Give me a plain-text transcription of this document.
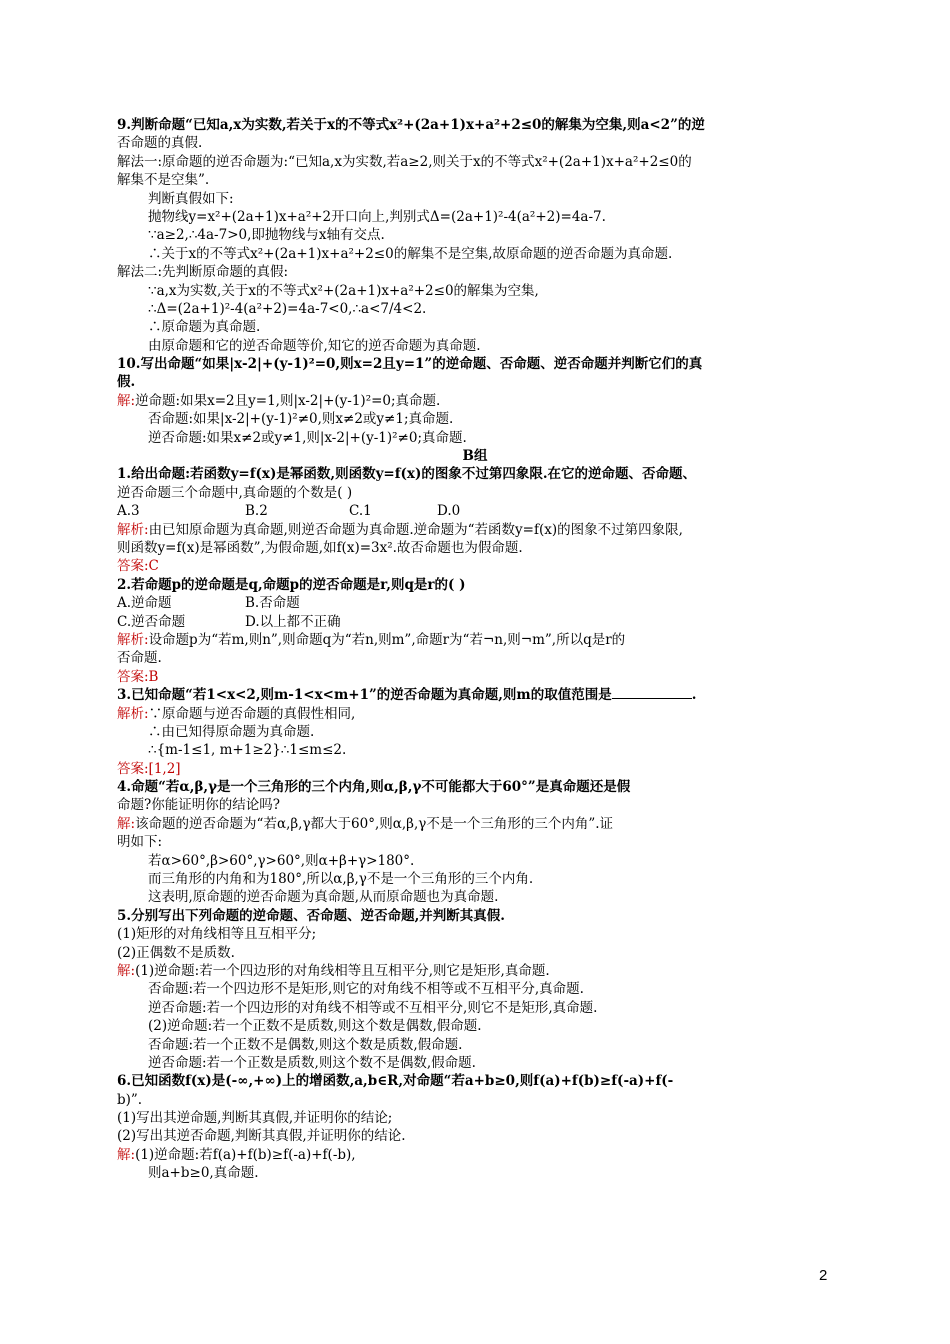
9.判断命题“已知a,x为实数,若关于x的不等式x²+(2a+1)x+a²+2≤0的解集为空集,则a<2”的逆
否命题的真假.
解法一:原命题的逆否命题为:“已知a,x为实数,若a≥2,则关于x的不等式x²+(2a+1)x+a²+2≤0的
解集不是空集”.
判断真假如下:
抛物线y=x²+(2a+1)x+a²+2开口向上,判别式Δ=(2a+1)²-4(a²+2)=4a-7.
∵a≥2,∴4a-7>0,即抛物线与x轴有交点.
∴关于x的不等式x²+(2a+1)x+a²+2≤0的解集不是空集,故原命题的逆否命题为真命题.
解法二:先判断原命题的真假:
∵a,x为实数,关于x的不等式x²+(2a+1)x+a²+2≤0的解集为空集,
∴Δ=(2a+1)²-4(a²+2)=4a-7<0,∴a<7/4<2.
∴原命题为真命题.
由原命题和它的逆否命题等价,知它的逆否命题为真命题.
10.写出命题“如果|x-2|+(y-1)²=0,则x=2且y=1”的逆命题、否命题、逆否命题并判断它们的真
假.
解:逆命题:如果x=2且y=1,则|x-2|+(y-1)²=0;真命题.
否命题:如果|x-2|+(y-1)²≠0,则x≠2或y≠1;真命题.
逆否命题:如果x≠2或y≠1,则|x-2|+(y-1)²≠0;真命题.
B组
1.给出命题:若函数y=f(x)是幂函数,则函数y=f(x)的图象不过第四象限.在它的逆命题、否命题、
逆否命题三个命题中,真命题的个数是( )
A.3	B.2	C.1	D.0
解析:由已知原命题为真命题,则逆否命题为真命题.逆命题为“若函数y=f(x)的图象不过第四象限,
则函数y=f(x)是幂函数”,为假命题,如f(x)=3x².故否命题也为假命题.
答案:C
2.若命题p的逆命题是q,命题p的逆否命题是r,则q是r的( )
A.逆命题	B.否命题
C.逆否命题	D.以上都不正确
解析:设命题p为“若m,则n”,则命题q为“若n,则m”,命题r为“若¬n,则¬m”,所以q是r的
否命题.
答案:B
3.已知命题“若1<x<2,则m-1<x<m+1”的逆否命题为真命题,则m的取值范围是	.
解析:∵原命题与逆否命题的真假性相同,
∴由已知得原命题为真命题.
∴{m-1≤1, m+1≥2}∴1≤m≤2.
答案:[1,2]
4.命题“若α,β,γ是一个三角形的三个内角,则α,β,γ不可能都大于60°”是真命题还是假
命题?你能证明你的结论吗?
解:该命题的逆否命题为“若α,β,γ都大于60°,则α,β,γ不是一个三角形的三个内角”.证
明如下:
若α>60°,β>60°,γ>60°,则α+β+γ>180°.
而三角形的内角和为180°,所以α,β,γ不是一个三角形的三个内角.
这表明,原命题的逆否命题为真命题,从而原命题也为真命题.
5.分别写出下列命题的逆命题、否命题、逆否命题,并判断其真假.
(1)矩形的对角线相等且互相平分;
(2)正偶数不是质数.
解:(1)逆命题:若一个四边形的对角线相等且互相平分,则它是矩形,真命题.
否命题:若一个四边形不是矩形,则它的对角线不相等或不互相平分,真命题.
逆否命题:若一个四边形的对角线不相等或不互相平分,则它不是矩形,真命题.
(2)逆命题:若一个正数不是质数,则这个数是偶数,假命题.
否命题:若一个正数不是偶数,则这个数是质数,假命题.
逆否命题:若一个正数是质数,则这个数不是偶数,假命题.
6.已知函数f(x)是(-∞,+∞)上的增函数,a,b∈R,对命题“若a+b≥0,则f(a)+f(b)≥f(-a)+f(-
b)”.
(1)写出其逆命题,判断其真假,并证明你的结论;
(2)写出其逆否命题,判断其真假,并证明你的结论.
解:(1)逆命题:若f(a)+f(b)≥f(-a)+f(-b),
则a+b≥0,真命题.
2
